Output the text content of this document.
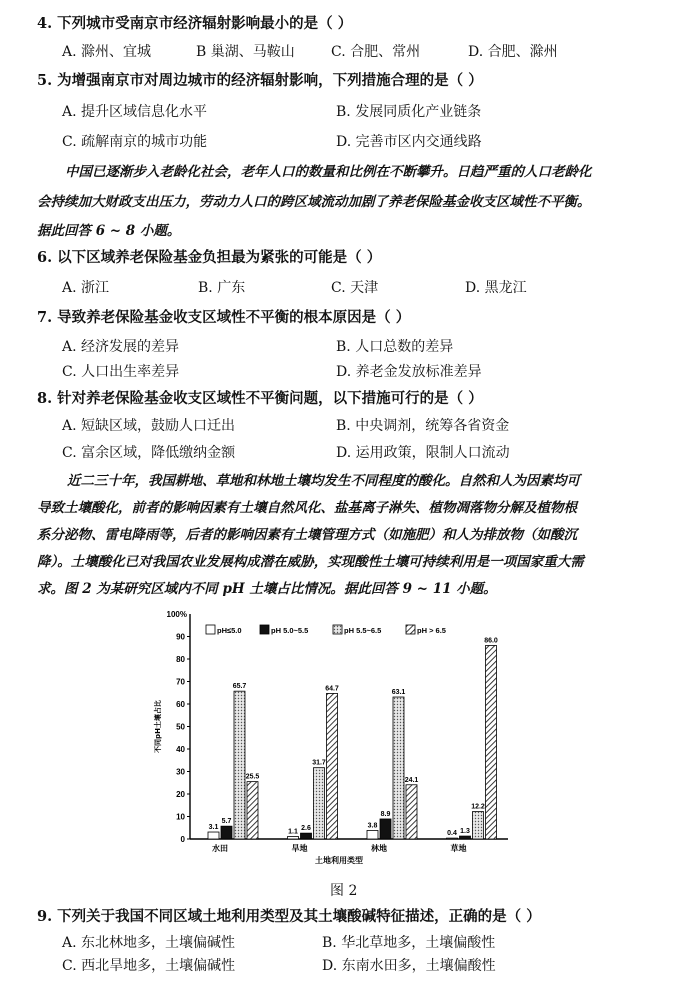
4. 下列城市受南京市经济辐射影响最小的是（ ）
A. 滁州、宜城	B 巢湖、马鞍山	C. 合肥、常州	D. 合肥、滁州
5. 为增强南京市对周边城市的经济辐射影响，下列措施合理的是（ ）
A. 提升区域信息化水平	B. 发展同质化产业链条
C. 疏解南京的城市功能	D. 完善市区内交通线路
中国已逐渐步入老龄化社会，老年人口的数量和比例在不断攀升。日趋严重的人口老龄化
会持续加大财政支出压力，劳动力人口的跨区域流动加剧了养老保险基金收支区域性不平衡。
据此回答 6 ~ 8 小题。
6. 以下区域养老保险基金负担最为紧张的可能是（ ）
A. 浙江	B. 广东	C. 天津	D. 黑龙江
7. 导致养老保险基金收支区域性不平衡的根本原因是（ ）
A. 经济发展的差异	B. 人口总数的差异
C. 人口出生率差异	D. 养老金发放标准差异
8. 针对养老保险基金收支区域性不平衡问题，以下措施可行的是（ ）
A. 短缺区域，鼓励人口迁出	B. 中央调剂，统筹各省资金
C. 富余区域，降低缴纳金额	D. 运用政策，限制人口流动
近二三十年，我国耕地、草地和林地土壤均发生不同程度的酸化。自然和人为因素均可
导致土壤酸化，前者的影响因素有土壤自然风化、盐基离子淋失、植物凋落物分解及植物根
系分泌物、雷电降雨等，后者的影响因素有土壤管理方式（如施肥）和人为排放物（如酸沉
降）。土壤酸化已对我国农业发展构成潜在威胁，实现酸性土壤可持续利用是一项国家重大需
求。图 2 为某研究区域内不同 pH 土壤占比情况。据此回答 9 ~ 11 小题。
100%
0
10
20
30
40
50
60
70
80
90
不同pH土壤占比
pH≤5.0	pH 5.0~5.5	pH 5.5~6.5	pH > 6.5
3.1
5.7
65.7
25.5
水田
1.1 2.6
31.7
64.7
旱地
3.8
8.9
63.1
24.1
林地
0.4 1.3
12.2
86.0
草地
土地利用类型
图 2
9. 下列关于我国不同区域土地利用类型及其土壤酸碱特征描述，正确的是（ ）
A. 东北林地多，土壤偏碱性	B. 华北草地多，土壤偏酸性
C. 西北旱地多，土壤偏碱性	D. 东南水田多，土壤偏酸性
